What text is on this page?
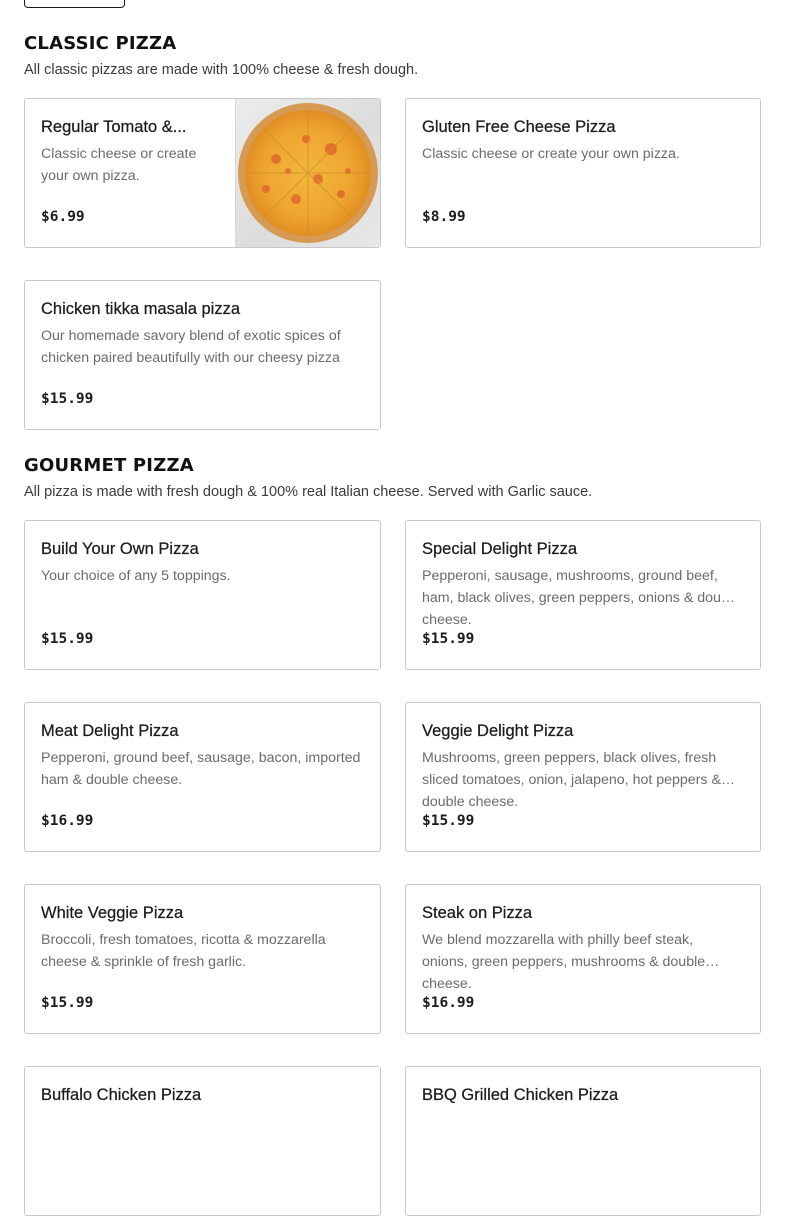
CLASSIC PIZZA

All classic pizzas are made with 100% cheese & fresh dough.

Regular Tomato &...
Classic cheese or create your own pizza.
$6.99
Gluten Free Cheese Pizza
Classic cheese or create your own pizza.
$8.99
Chicken tikka masala pizza
Our homemade savory blend of exotic spices of chicken paired beautifully with our cheesy pizza
$15.99
GOURMET PIZZA

All pizza is made with fresh dough & 100% real Italian cheese. Served with Garlic sauce.

Build Your Own Pizza
Your choice of any 5 toppings.
$15.99
Special Delight Pizza
Pepperoni, sausage, mushrooms, ground beef, ham, black olives, green peppers, onions & double cheese.
$15.99
Meat Delight Pizza
Pepperoni, ground beef, sausage, bacon, imported ham & double cheese.
$16.99
Veggie Delight Pizza
Mushrooms, green peppers, black olives, fresh sliced tomatoes, onion, jalapeno, hot peppers & double cheese.
$15.99
White Veggie Pizza
Broccoli, fresh tomatoes, ricotta & mozzarella cheese & sprinkle of fresh garlic.
$15.99
Steak on Pizza
We blend mozzarella with philly beef steak, onions, green peppers, mushrooms & double cheese.
$16.99
Buffalo Chicken Pizza	BBQ Grilled Chicken Pizza
